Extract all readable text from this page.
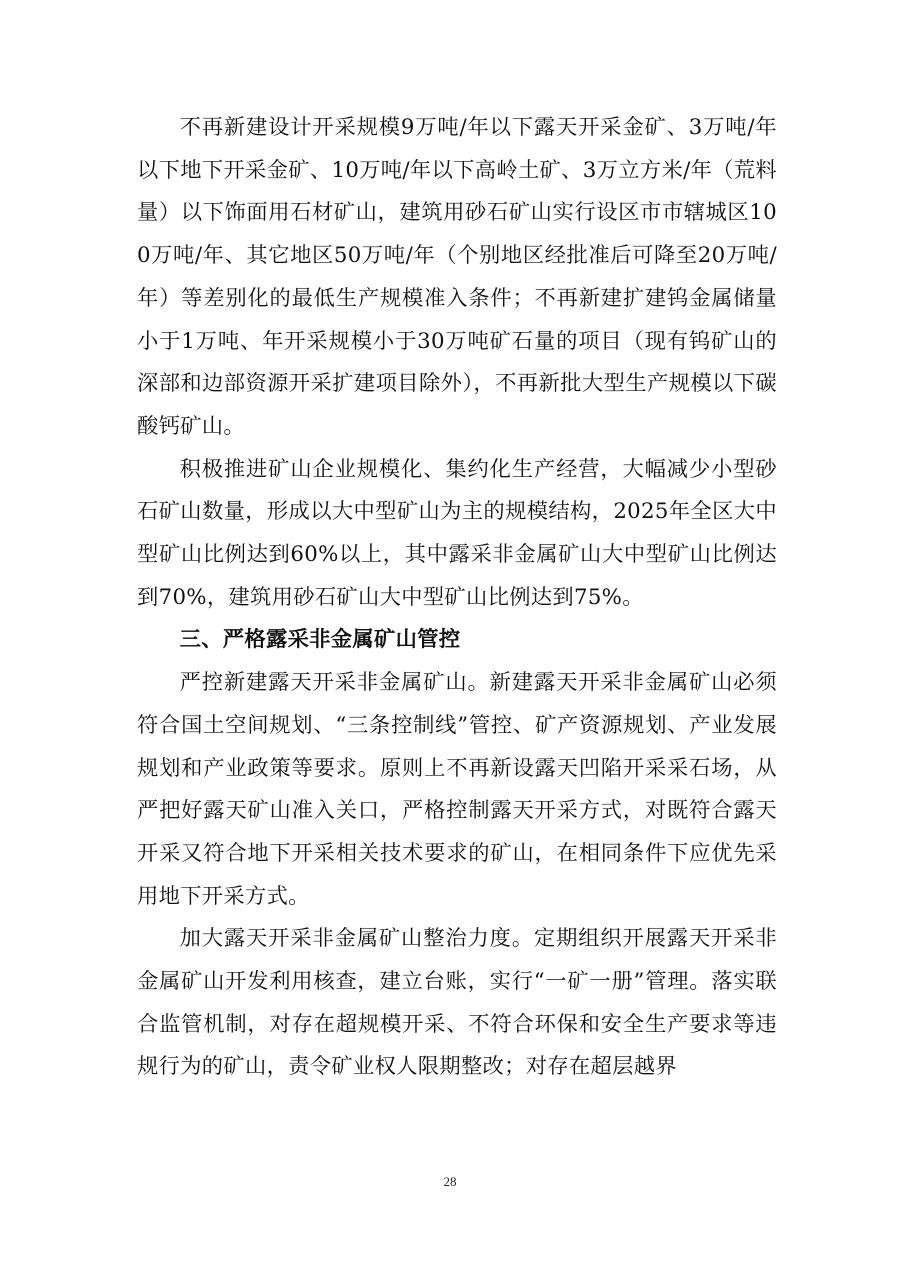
不再新建设计开采规模9万吨/年以下露天开采金矿、3万吨/年以下地下开采金矿、10万吨/年以下高岭土矿、3万立方米/年（荒料量）以下饰面用石材矿山，建筑用砂石矿山实行设区市市辖城区100万吨/年、其它地区50万吨/年（个别地区经批准后可降至20万吨/年）等差别化的最低生产规模准入条件；不再新建扩建钨金属储量小于1万吨、年开采规模小于30万吨矿石量的项目（现有钨矿山的深部和边部资源开采扩建项目除外），不再新批大型生产规模以下碳酸钙矿山。

积极推进矿山企业规模化、集约化生产经营，大幅减少小型砂石矿山数量，形成以大中型矿山为主的规模结构，2025年全区大中型矿山比例达到60%以上，其中露采非金属矿山大中型矿山比例达到70%，建筑用砂石矿山大中型矿山比例达到75%。

三、严格露采非金属矿山管控

严控新建露天开采非金属矿山。新建露天开采非金属矿山必须符合国土空间规划、“三条控制线”管控、矿产资源规划、产业发展规划和产业政策等要求。原则上不再新设露天凹陷开采采石场，从严把好露天矿山准入关口，严格控制露天开采方式，对既符合露天开采又符合地下开采相关技术要求的矿山，在相同条件下应优先采用地下开采方式。

加大露天开采非金属矿山整治力度。定期组织开展露天开采非金属矿山开发利用核查，建立台账，实行“一矿一册”管理。落实联合监管机制，对存在超规模开采、不符合环保和安全生产要求等违规行为的矿山，责令矿业权人限期整改；对存在超层越界

28
